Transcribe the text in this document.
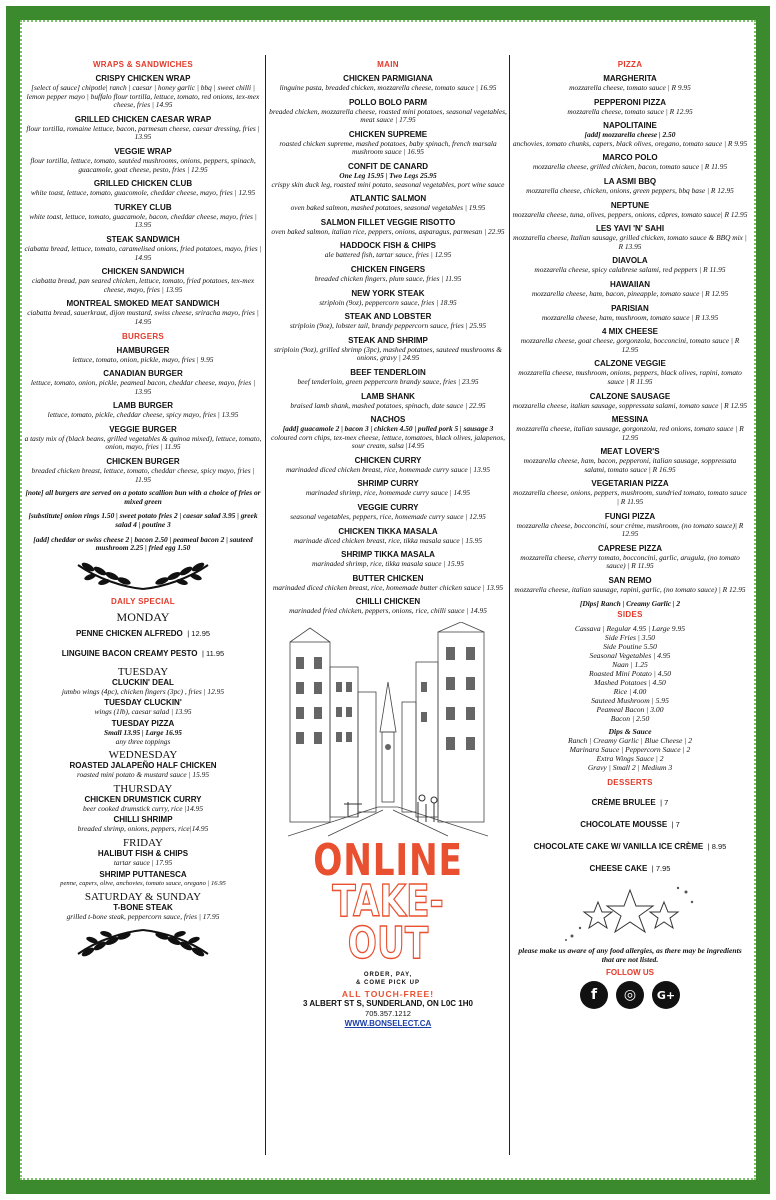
WRAPS & SANDWICHES
CRISPY CHICKEN WRAP
[select of sauce] chipotle| ranch | caesar | honey garlic | bbq | sweet chilli | lemon pepper mayo | buffalo flour tortilla, lettuce, tomato, red onions, tex-mex cheese, fries | 14.95
GRILLED CHICKEN CAESAR WRAP
flour tortilla, romaine lettuce, bacon, parmesan cheese, caesar dressing, fries | 13.95
VEGGIE WRAP
flour tortilla, lettuce, tomato, sautéed mushrooms, onions, peppers, spinach, guacamole, goat cheese, pesto, fries | 12.95
GRILLED CHICKEN CLUB
white toast, lettuce, tomato, guacomole, cheddar cheese, mayo, fries | 12.95
TURKEY CLUB
white toast, lettuce, tomato, guacamole, bacon, cheddar cheese, mayo, fries | 13.95
STEAK SANDWICH
ciabatta bread, lettuce, tomato, caramelised onions, fried potatoes, mayo, fries | 14.95
CHICKEN SANDWICH
ciabatta bread, pan seared chicken, lettuce, tomato, fried potatoes, tex-mex cheese, mayo, fries | 13.95
MONTREAL SMOKED MEAT SANDWICH
ciabatta bread, sauerkraut, dijon mustard, swiss cheese, sriracha mayo, fries | 14.95
BURGERS
HAMBURGER
lettuce, tomato, onion, pickle, mayo, fries | 9.95
CANADIAN BURGER
lettuce, tomato, onion, pickle, peameal bacon, cheddar cheese, mayo, fries | 13.95
LAMB BURGER
lettuce, tomato, pickle, cheddar cheese, spicy mayo, fries | 13.95
VEGGIE BURGER
a tasty mix of (black beans, grilled vegetables & quinoa mixed), lettuce, tomato, onion, mayo, fries | 11.95
CHICKEN BURGER
breaded chicken breast, lettuce, tomato, cheddar cheese, spicy mayo, fries | 11.95
[note] all burgers are served on a potato scallion bun with a choice of fries or mixed green
[substitute] onion rings 1.50 | sweet potato fries 2 | caesar salad 3.95 | greek salad 4 | poutine 3
[add] cheddar or swiss cheese 2 | bacon 2.50 | peameal bacon 2 | sauteed mushroom 2.25 | fried egg 1.50
DAILY SPECIAL
MONDAY
PENNE CHICKEN ALFREDO | 12.95
LINGUINE BACON CREAMY PESTO | 11.95
TUESDAY
CLUCKIN' DEAL
jumbo wings (4pc), chicken fingers (3pc) , fries | 12.95
TUESDAY CLUCKIN'
wings (1lb), caesar salad | 13.95
TUESDAY PIZZA
Small 13.95 | Large 16.95
any three toppings
WEDNESDAY
ROASTED JALAPEÑO HALF CHICKEN
roasted mini potato & mustard sauce | 15.95
THURSDAY
CHICKEN DRUMSTICK CURRY
beer cooked drumstick curry, rice |14.95
CHILLI SHRIMP
breaded shrimp, onions, peppers, rice|14.95
FRIDAY
HALIBUT FISH & CHIPS
tartar sauce | 17.95
SHRIMP PUTTANESCA
penne, capers, olive, anchovies, tomato sauce, oregano | 16.95
SATURDAY & SUNDAY
T-BONE STEAK
grilled t-bone steak, peppercorn sauce, fries | 17.95
MAIN
CHICKEN PARMIGIANA
linguine pasta, breaded chicken, mozzarella cheese, tomato sauce | 16.95
POLLO BOLO PARM
breaded chicken, mozzarella cheese, roasted mini potatoes, seasonal vegetables, meat sauce | 17.95
CHICKEN SUPREME
roasted chicken supreme, mashed potatoes, baby spinach, french marsala mushroom sauce | 16.95
CONFIT DE CANARD
One Leg 15.95 | Two Legs 25.95
crispy skin duck leg, roasted mini potato, seasonal vegetables, port wine sauce
ATLANTIC SALMON
oven baked salmon, mashed potatoes, seasonal vegetables | 19.95
SALMON FILLET VEGGIE RISOTTO
oven baked salmon, italian rice, peppers, onions, asparagus, parmesan | 22.95
HADDOCK FISH & CHIPS
ale battered fish, tartar sauce, fries | 12.95
CHICKEN FINGERS
breaded chicken fingers, plum sauce, fries | 11.95
NEW YORK STEAK
striploin (9oz), peppercorn sauce, fries | 18.95
STEAK AND LOBSTER
striploin (9oz), lobster tail, brandy peppercorn sauce, fries | 25.95
STEAK AND SHRIMP
striploin (9oz), grilled shrimp (3pc), mashed potatoes, sauteed mushrooms & onions, gravy | 24.95
BEEF TENDERLOIN
beef tenderloin, green peppercorn brandy sauce, fries | 23.95
LAMB SHANK
braised lamb shank, mashed potatoes, spinach, date sauce | 22.95
NACHOS
[add] guacamole 2 | bacon 3 | chicken 4.50 | pulled pork 5 | sausage 3
coloured corn chips, tex-mex cheese, lettuce, tomatoes, black olives, jalapenos, sour cream, salsa |14.95
CHICKEN CURRY
marinaded diced chicken breast, rice, homemade curry sauce | 13.95
SHRIMP CURRY
marinaded shrimp, rice, homemade curry sauce | 14.95
VEGGIE CURRY
seasonal vegetables, peppers, rice, homemade curry sauce | 12.95
CHICKEN TIKKA MASALA
marinade diced chicken breast, rice, tikka masala sauce | 15.95
SHRIMP TIKKA MASALA
marinaded shrimp, rice, tikka masala sauce | 15.95
BUTTER CHICKEN
marinaded diced chicken breast, rice, homemade butter chicken sauce | 13.95
CHILLI CHICKEN
marinaded fried chicken, peppers, onions, rice, chilli sauce | 14.95
ONLINE
TAKE-OUT
ORDER, PAY,
& COME PICK UP
ALL TOUCH-FREE!
3 ALBERT ST S, SUNDERLAND, ON L0C 1H0
705.357.1212
WWW.BONSELECT.CA
PIZZA
MARGHERITA
mozzarella cheese, tomato sauce | R 9.95
PEPPERONI PIZZA
mozzarella cheese, tomato sauce | R 12.95
NAPOLITAINE
[add] mozzarella cheese | 2.50
anchovies, tomato chunks, capers, black olives, oregano, tomato sauce | R 9.95
MARCO POLO
mozzarella cheese, grilled chicken, bacon, tomato sauce | R 11.95
LA ASMI BBQ
mozzarella cheese, chicken, onions, green peppers, bbq base | R 12.95
NEPTUNE
mozzarella cheese, tuna, olives, peppers, onions, câpres, tomato sauce| R 12.95
LES YAVI 'N' SAHI
mozzarella cheese, Italian sausage, grilled chicken, tomato sauce & BBQ mix | R 13.95
DIAVOLA
mozzarella cheese, spicy calabrese salami, red peppers | R 11.95
HAWAIIAN
mozzarella cheese, ham, bacon, pineapple, tomato sauce | R 12.95
PARISIAN
mozzarella cheese, ham, mushroom, tomato sauce | R 13.95
4 MIX CHEESE
mozzarella cheese, goat cheese, gorgonzola, bocconcini, tomato sauce | R 12.95
CALZONE VEGGIE
mozzarella cheese, mushroom, onions, peppers, black olives, rapini, tomato sauce | R 11.95
CALZONE SAUSAGE
mozzarella cheese, italian sausage, soppressata salami, tomato sauce | R 12.95
MESSINA
mozzarella cheese, italian sausage, gorgonzola, red onions, tomato sauce | R 12.95
MEAT LOVER'S
mozzarella cheese, ham, bacon, pepperoni, italian sausage, soppressata salami, tomato sauce | R 16.95
VEGETARIAN PIZZA
mozzarella cheese, onions, peppers, mushroom, sundried tomato, tomato sauce | R 11.95
FUNGI PIZZA
mozzarella cheese, bocconcini, sour crème, mushroom, (no tomato sauce)| R 12.95
CAPRESE PIZZA
mozzarella cheese, cherry tomato, bocconcini, garlic, arugula, (no tomato sauce) | R 11.95
SAN REMO
mozzarella cheese, italian sausage, rapini, garlic, (no tomato sauce) | R 12.95
[Dips] Ranch | Creamy Garlic | 2
SIDES
Cassava | Regular 4.95 | Large 9.95
Side Fries | 3.50
Side Poutine 5.50
Seasonal Vegetables | 4.95
Naan | 1.25
Roasted Mini Potato | 4.50
Mashed Potatoes | 4.50
Rice | 4.00
Sauteed Mushroom | 5.95
Peameal Bacon | 3.00
Bacon | 2.50
Dips & Sauce
Ranch | Creamy Garlic | Blue Cheese | 2
Marinara Sauce | Peppercorn Sauce | 2
Extra Wings Sauce | 2
Gravy | Small 2 | Medium 3
DESSERTS
CRÈME BRULEE | 7
CHOCOLATE MOUSSE | 7
CHOCOLATE CAKE W/ VANILLA ICE CRÈME | 8.95
CHEESE CAKE | 7.95
please make us aware of any food allergies, as there may be ingredients that are not listed.
FOLLOW US
f	◎	G+
